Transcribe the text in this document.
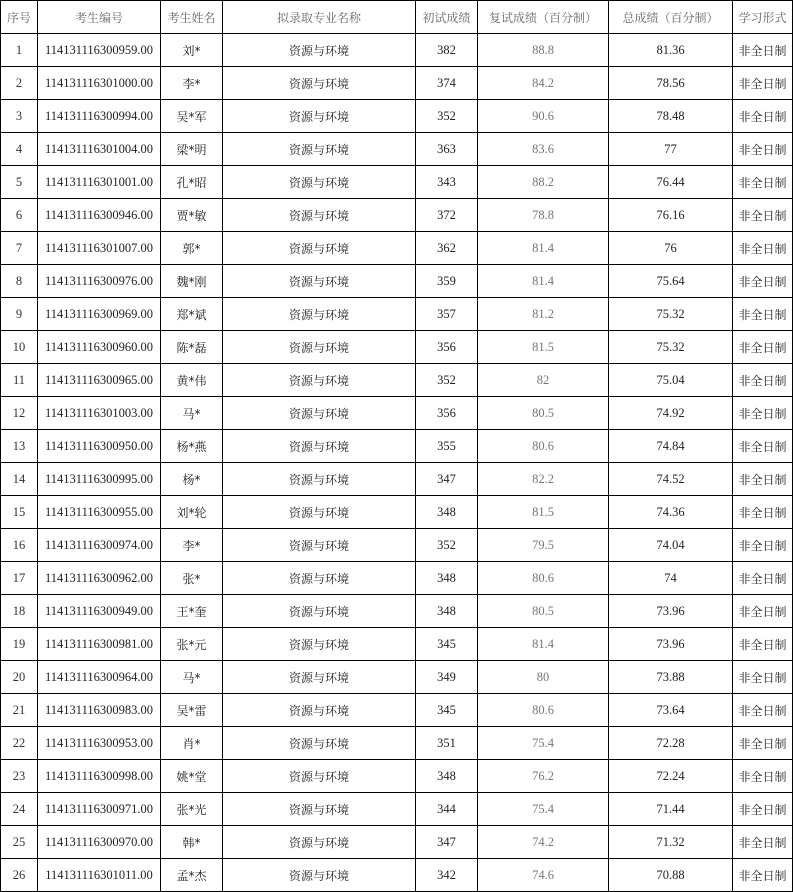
序号	考生编号	考生姓名	拟录取专业名称	初试成绩	复试成绩（百分制）	总成绩（百分制）	学习形式
1	114131116300959.00	刘*	资源与环境	382	88.8	81.36	非全日制
2	114131116301000.00	李*	资源与环境	374	84.2	78.56	非全日制
3	114131116300994.00	吴*军	资源与环境	352	90.6	78.48	非全日制
4	114131116301004.00	梁*明	资源与环境	363	83.6	77	非全日制
5	114131116301001.00	孔*昭	资源与环境	343	88.2	76.44	非全日制
6	114131116300946.00	贾*敏	资源与环境	372	78.8	76.16	非全日制
7	114131116301007.00	郭*	资源与环境	362	81.4	76	非全日制
8	114131116300976.00	魏*刚	资源与环境	359	81.4	75.64	非全日制
9	114131116300969.00	郑*斌	资源与环境	357	81.2	75.32	非全日制
10	114131116300960.00	陈*磊	资源与环境	356	81.5	75.32	非全日制
11	114131116300965.00	黄*伟	资源与环境	352	82	75.04	非全日制
12	114131116301003.00	马*	资源与环境	356	80.5	74.92	非全日制
13	114131116300950.00	杨*燕	资源与环境	355	80.6	74.84	非全日制
14	114131116300995.00	杨*	资源与环境	347	82.2	74.52	非全日制
15	114131116300955.00	刘*轮	资源与环境	348	81.5	74.36	非全日制
16	114131116300974.00	李*	资源与环境	352	79.5	74.04	非全日制
17	114131116300962.00	张*	资源与环境	348	80.6	74	非全日制
18	114131116300949.00	王*奎	资源与环境	348	80.5	73.96	非全日制
19	114131116300981.00	张*元	资源与环境	345	81.4	73.96	非全日制
20	114131116300964.00	马*	资源与环境	349	80	73.88	非全日制
21	114131116300983.00	吴*雷	资源与环境	345	80.6	73.64	非全日制
22	114131116300953.00	肖*	资源与环境	351	75.4	72.28	非全日制
23	114131116300998.00	姚*堂	资源与环境	348	76.2	72.24	非全日制
24	114131116300971.00	张*光	资源与环境	344	75.4	71.44	非全日制
25	114131116300970.00	韩*	资源与环境	347	74.2	71.32	非全日制
26	114131116301011.00	孟*杰	资源与环境	342	74.6	70.88	非全日制
